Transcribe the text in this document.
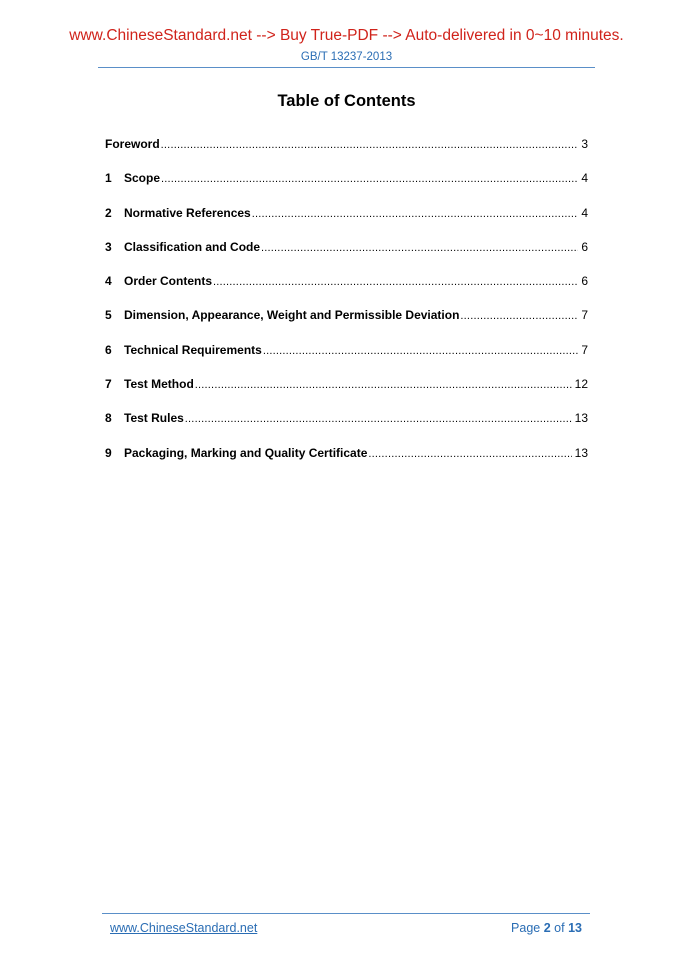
www.ChineseStandard.net --> Buy True-PDF --> Auto-delivered in 0~10 minutes.
GB/T 13237-2013
Table of Contents
Foreword .....	3
1	Scope .....	4
2	Normative References .....	4
3	Classification and Code .....	6
4	Order Contents .....	6
5	Dimension, Appearance, Weight and Permissible Deviation .....	7
6	Technical Requirements .....	7
7	Test Method .....	12
8	Test Rules .....	13
9	Packaging, Marking and Quality Certificate .....	13
www.ChineseStandard.net	Page 2 of 13
